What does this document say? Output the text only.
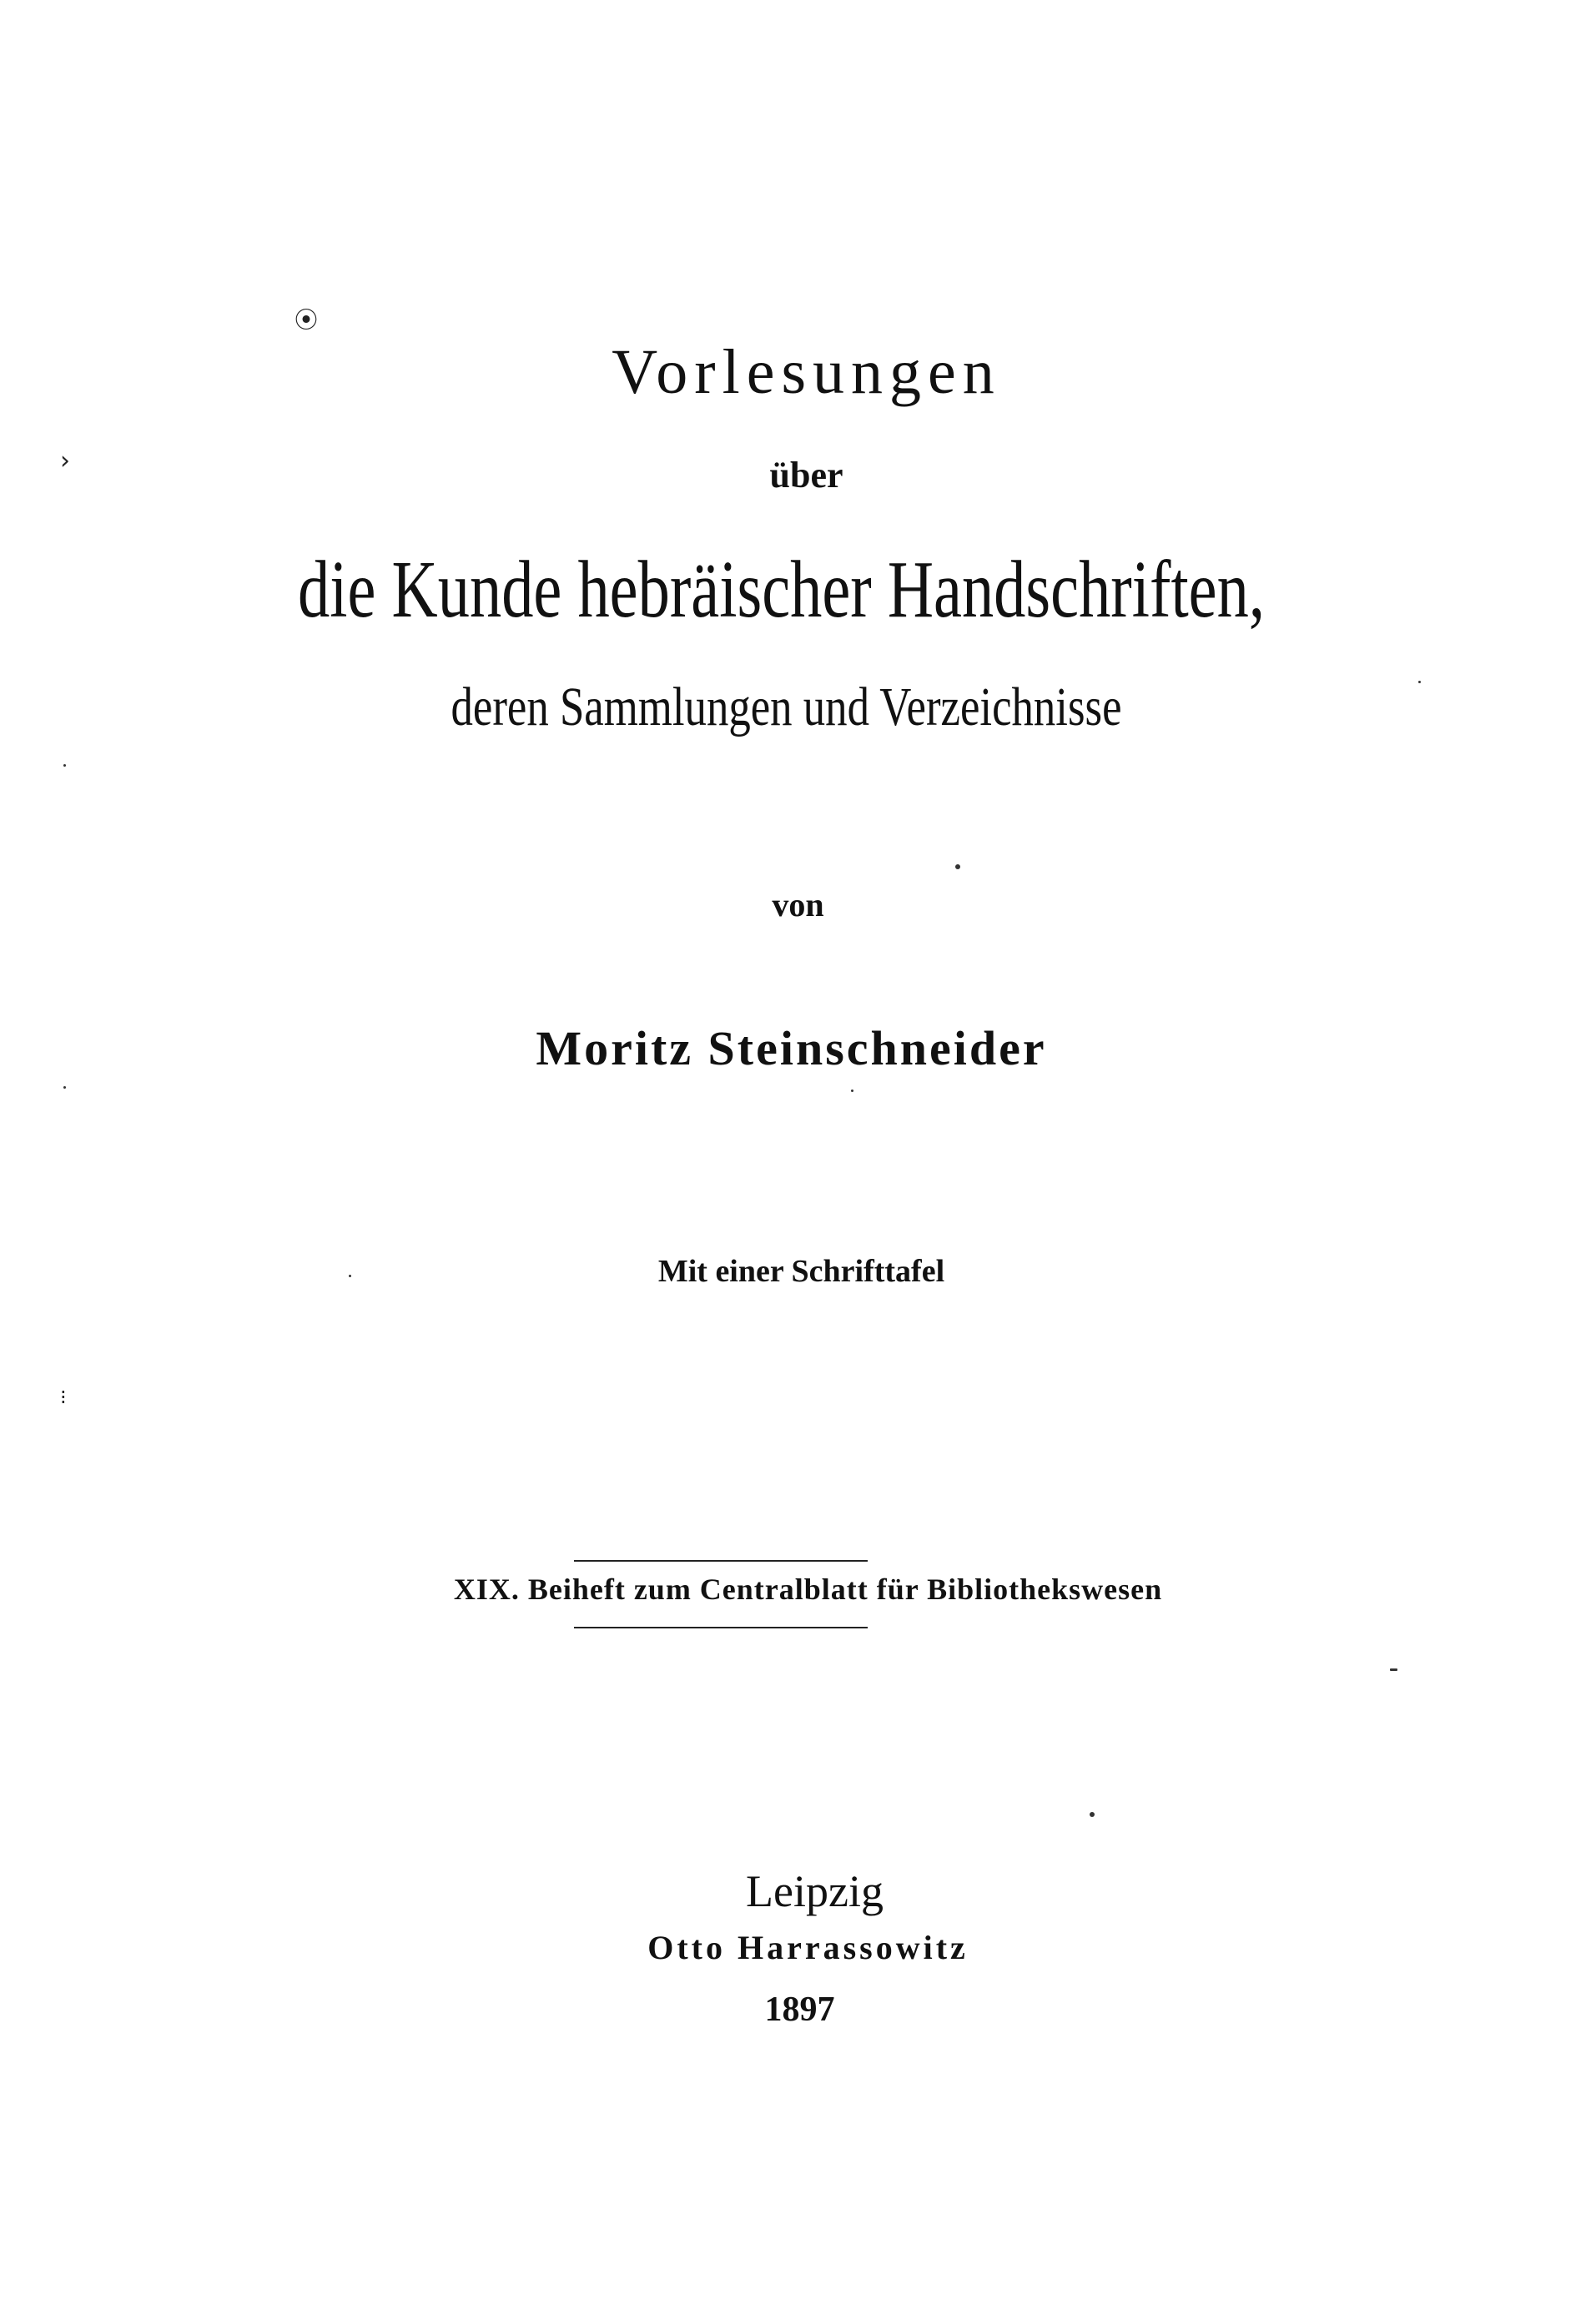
⦿
›
⁝
Vorlesungen
über
die Kunde hebräischer Handschriften,
deren Sammlungen und Verzeichnisse
von
Moritz Steinschneider
Mit einer Schrifttafel
XIX. Beiheft zum Centralblatt für Bibliothekswesen
Leipzig
Otto Harrassowitz
1897
